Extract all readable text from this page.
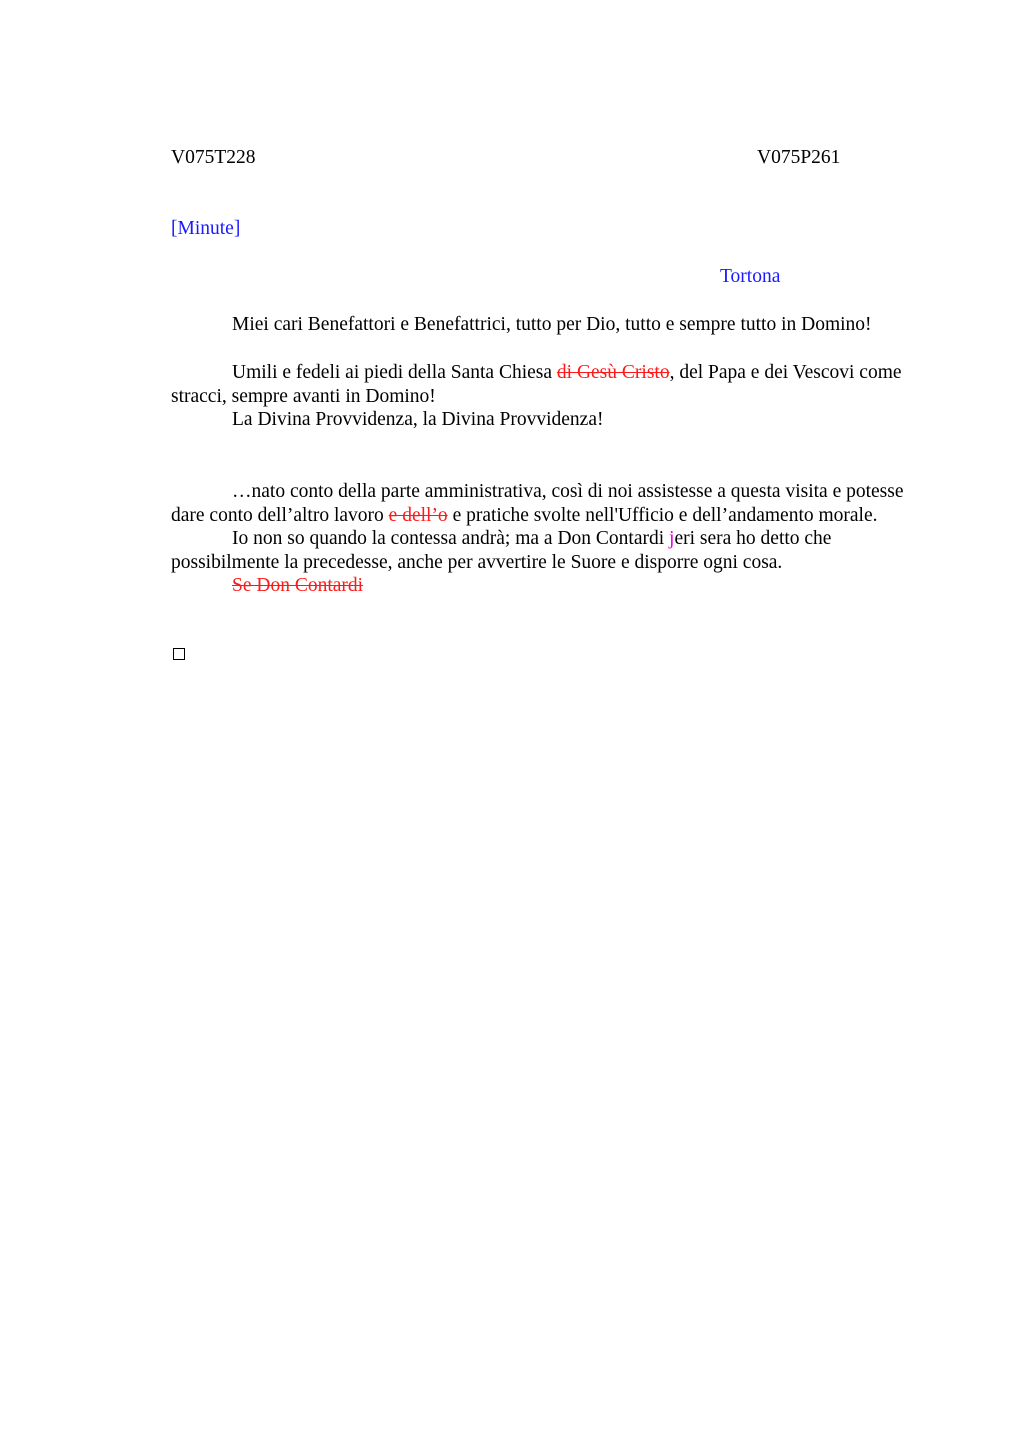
V075T228	V075P261
[Minute]
Tortona
Miei cari Benefattori e Benefattrici, tutto per Dio, tutto e sempre tutto in Domino!

Umili e fedeli ai piedi della Santa Chiesa di Gesù Cristo, del Papa e dei Vescovi come stracci, sempre avanti in Domino!

La Divina Provvidenza, la Divina Provvidenza!

…nato conto della parte amministrativa, così di noi assistesse a questa visita e potesse dare conto dell’altro lavoro e dell’o e pratiche svolte nell'Ufficio e dell’andamento morale.

Io non so quando la contessa andrà; ma a Don Contardi jeri sera ho detto che possibilmente la precedesse, anche per avvertire le Suore e disporre ogni cosa.

Se Don Contardi
